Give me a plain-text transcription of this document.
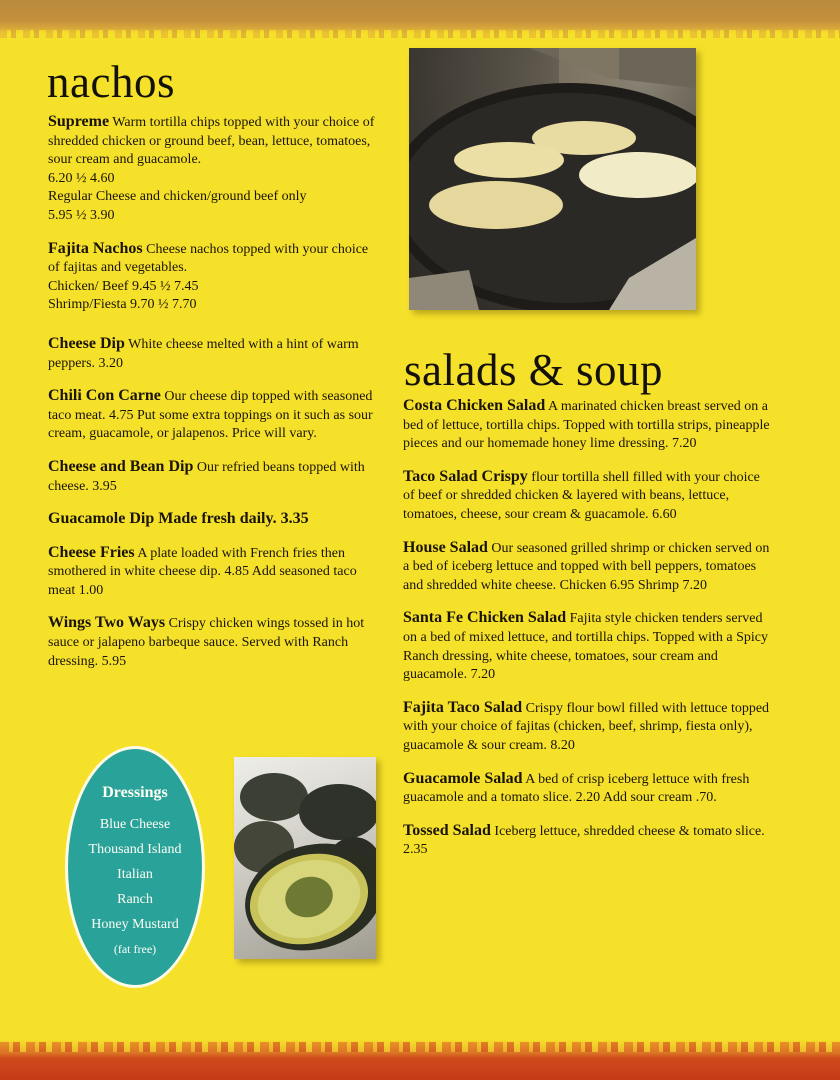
nachos

Supreme Warm tortilla chips topped with your choice of shredded chicken or ground beef, bean, lettuce, tomatoes, sour cream and guacamole.

6.20 ½ 4.60

Regular Cheese and chicken/ground beef only

5.95 ½ 3.90

Fajita Nachos Cheese nachos topped with your choice of fajitas and vegetables.

Chicken/ Beef 9.45 ½ 7.45

Shrimp/Fiesta 9.70 ½ 7.70

Cheese Dip White cheese melted with a hint of warm peppers. 3.20

Chili Con Carne Our cheese dip topped with seasoned taco meat. 4.75 Put some extra toppings on it such as sour cream, guacamole, or jalapenos. Price will vary.

Cheese and Bean Dip Our refried beans topped with cheese. 3.95

Guacamole Dip Made fresh daily. 3.35

Cheese Fries A plate loaded with French fries then smothered in white cheese dip. 4.85 Add seasoned taco meat 1.00

Wings Two Ways Crispy chicken wings tossed in hot sauce or jalapeno barbeque sauce. Served with Ranch dressing. 5.95

Dressings
Blue Cheese
Thousand Island
Italian
Ranch
Honey Mustard
(fat free)
salads & soup

Costa Chicken Salad A marinated chicken breast served on a bed of lettuce, tortilla chips. Topped with tortilla strips, pineapple pieces and our homemade honey lime dressing. 7.20

Taco Salad Crispy flour tortilla shell filled with your choice of beef or shredded chicken & layered with beans, lettuce, tomatoes, cheese, sour cream & guacamole. 6.60

House Salad Our seasoned grilled shrimp or chicken served on a bed of iceberg lettuce and topped with bell peppers, tomatoes and shredded white cheese. Chicken 6.95 Shrimp 7.20

Santa Fe Chicken Salad Fajita style chicken tenders served on a bed of mixed lettuce, and tortilla chips. Topped with a Spicy Ranch dressing, white cheese, tomatoes, sour cream and guacamole. 7.20

Fajita Taco Salad Crispy flour bowl filled with lettuce topped with your choice of fajitas (chicken, beef, shrimp, fiesta only), guacamole & sour cream. 8.20

Guacamole Salad A bed of crisp iceberg lettuce with fresh guacamole and a tomato slice. 2.20 Add sour cream .70.

Tossed Salad Iceberg lettuce, shredded cheese & tomato slice. 2.35
